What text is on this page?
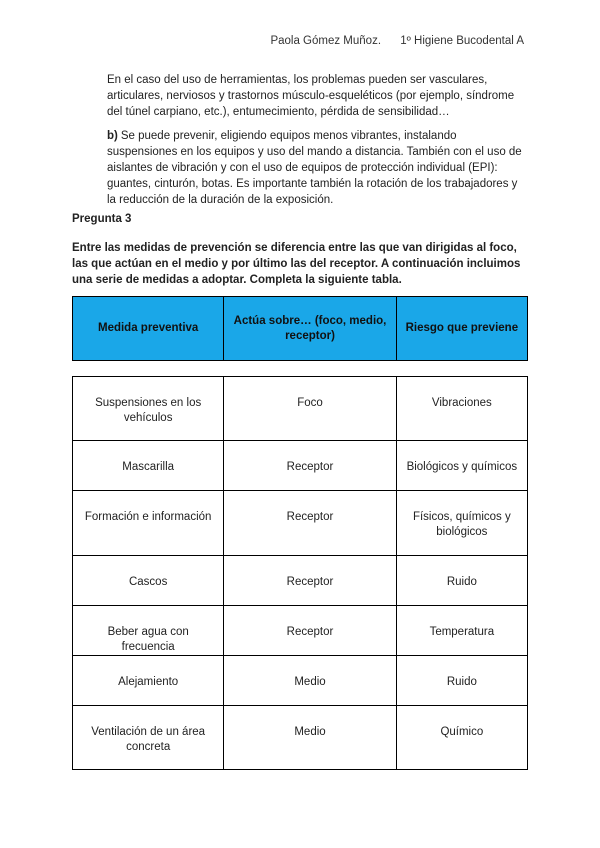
Paola Gómez Muñoz. 1º Higiene Bucodental A
En el caso del uso de herramientas, los problemas pueden ser vasculares, articulares, nerviosos y trastornos músculo-esqueléticos (por ejemplo, síndrome del túnel carpiano, etc.), entumecimiento, pérdida de sensibilidad…
b) Se puede prevenir, eligiendo equipos menos vibrantes, instalando suspensiones en los equipos y uso del mando a distancia. También con el uso de aislantes de vibración y con el uso de equipos de protección individual (EPI): guantes, cinturón, botas. Es importante también la rotación de los trabajadores y la reducción de la duración de la exposición.
Pregunta 3
Entre las medidas de prevención se diferencia entre las que van dirigidas al foco, las que actúan en el medio y por último las del receptor. A continuación incluimos una serie de medidas a adoptar. Completa la siguiente tabla.
Medida preventiva	Actúa sobre… (foco, medio, receptor)	Riesgo que previene
Suspensiones en los vehículos	Foco	Vibraciones
Mascarilla	Receptor	Biológicos y químicos
Formación e información	Receptor	Físicos, químicos y biológicos
Cascos	Receptor	Ruido
Beber agua con frecuencia	Receptor	Temperatura
Alejamiento	Medio	Ruido
Ventilación de un área concreta	Medio	Químico
